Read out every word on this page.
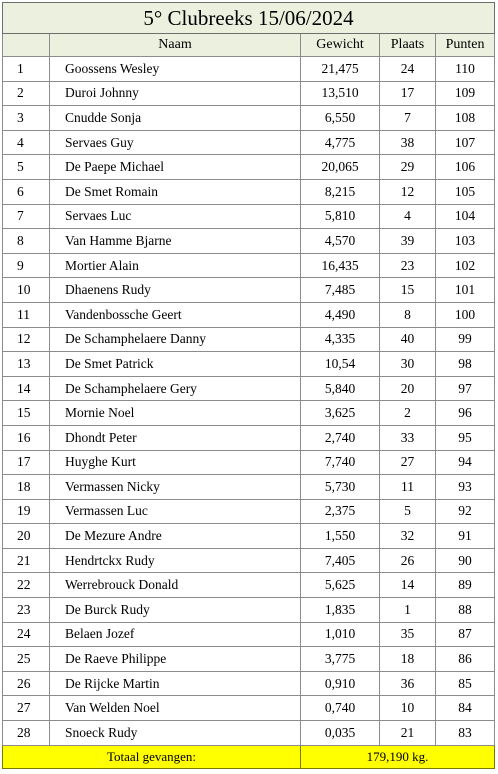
5° Clubreeks 15/06/2024				
	Naam	Gewicht	Plaats	Punten
1	Goossens Wesley	21,475	24	110
2	Duroi Johnny	13,510	17	109
3	Cnudde Sonja	6,550	7	108
4	Servaes Guy	4,775	38	107
5	De Paepe Michael	20,065	29	106
6	De Smet Romain	8,215	12	105
7	Servaes Luc	5,810	4	104
8	Van Hamme Bjarne	4,570	39	103
9	Mortier Alain	16,435	23	102
10	Dhaenens Rudy	7,485	15	101
11	Vandenbossche Geert	4,490	8	100
12	De Schamphelaere Danny	4,335	40	99
13	De Smet Patrick	10,54	30	98
14	De Schamphelaere Gery	5,840	20	97
15	Mornie Noel	3,625	2	96
16	Dhondt Peter	2,740	33	95
17	Huyghe Kurt	7,740	27	94
18	Vermassen Nicky	5,730	11	93
19	Vermassen Luc	2,375	5	92
20	De Mezure Andre	1,550	32	91
21	Hendrtckx Rudy	7,405	26	90
22	Werrebrouck Donald	5,625	14	89
23	De Burck Rudy	1,835	1	88
24	Belaen Jozef	1,010	35	87
25	De Raeve Philippe	3,775	18	86
26	De Rijcke Martin	0,910	36	85
27	Van Welden Noel	0,740	10	84
28	Snoeck Rudy	0,035	21	83
Totaal gevangen:		179,190 kg.		
